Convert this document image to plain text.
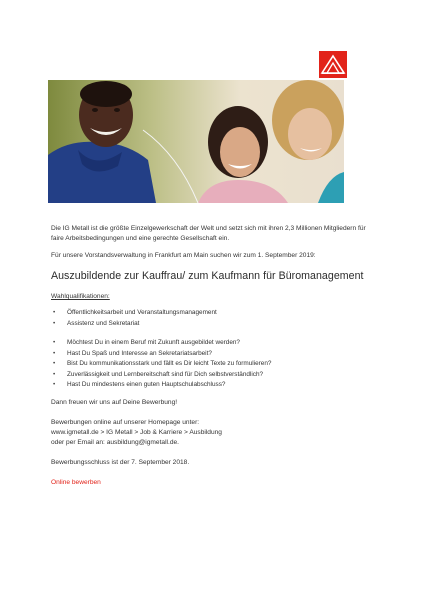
Die IG Metall ist die größte Einzelgewerkschaft der Welt und setzt sich mit ihren 2,3 Millionen Mitgliedern für faire Arbeitsbedingungen und eine gerechte Gesellschaft ein.

Für unsere Vorstandsverwaltung in Frankfurt am Main suchen wir zum 1. September 2019:

Auszubildende zur Kauffrau/ zum Kaufmann für Büromanagement

Wahlqualifikationen:

• Öffentlichkeitsarbeit und Veranstaltungsmanagement
• Assistenz und Sekretariat
• Möchtest Du in einem Beruf mit Zukunft ausgebildet werden?
• Hast Du Spaß und Interesse an Sekretariatsarbeit?
• Bist Du kommunikationsstark und fällt es Dir leicht Texte zu formulieren?
• Zuverlässigkeit und Lernbereitschaft sind für Dich selbstverständlich?
• Hast Du mindestens einen guten Hauptschulabschluss?

Dann freuen wir uns auf Deine Bewerbung!

Bewerbungen online auf unserer Homepage unter:

www.igmetall.de > IG Metall > Job & Karriere > Ausbildung

oder per Email an: ausbildung@igmetall.de.

Bewerbungsschluss ist der 7. September 2018.

Online bewerben
